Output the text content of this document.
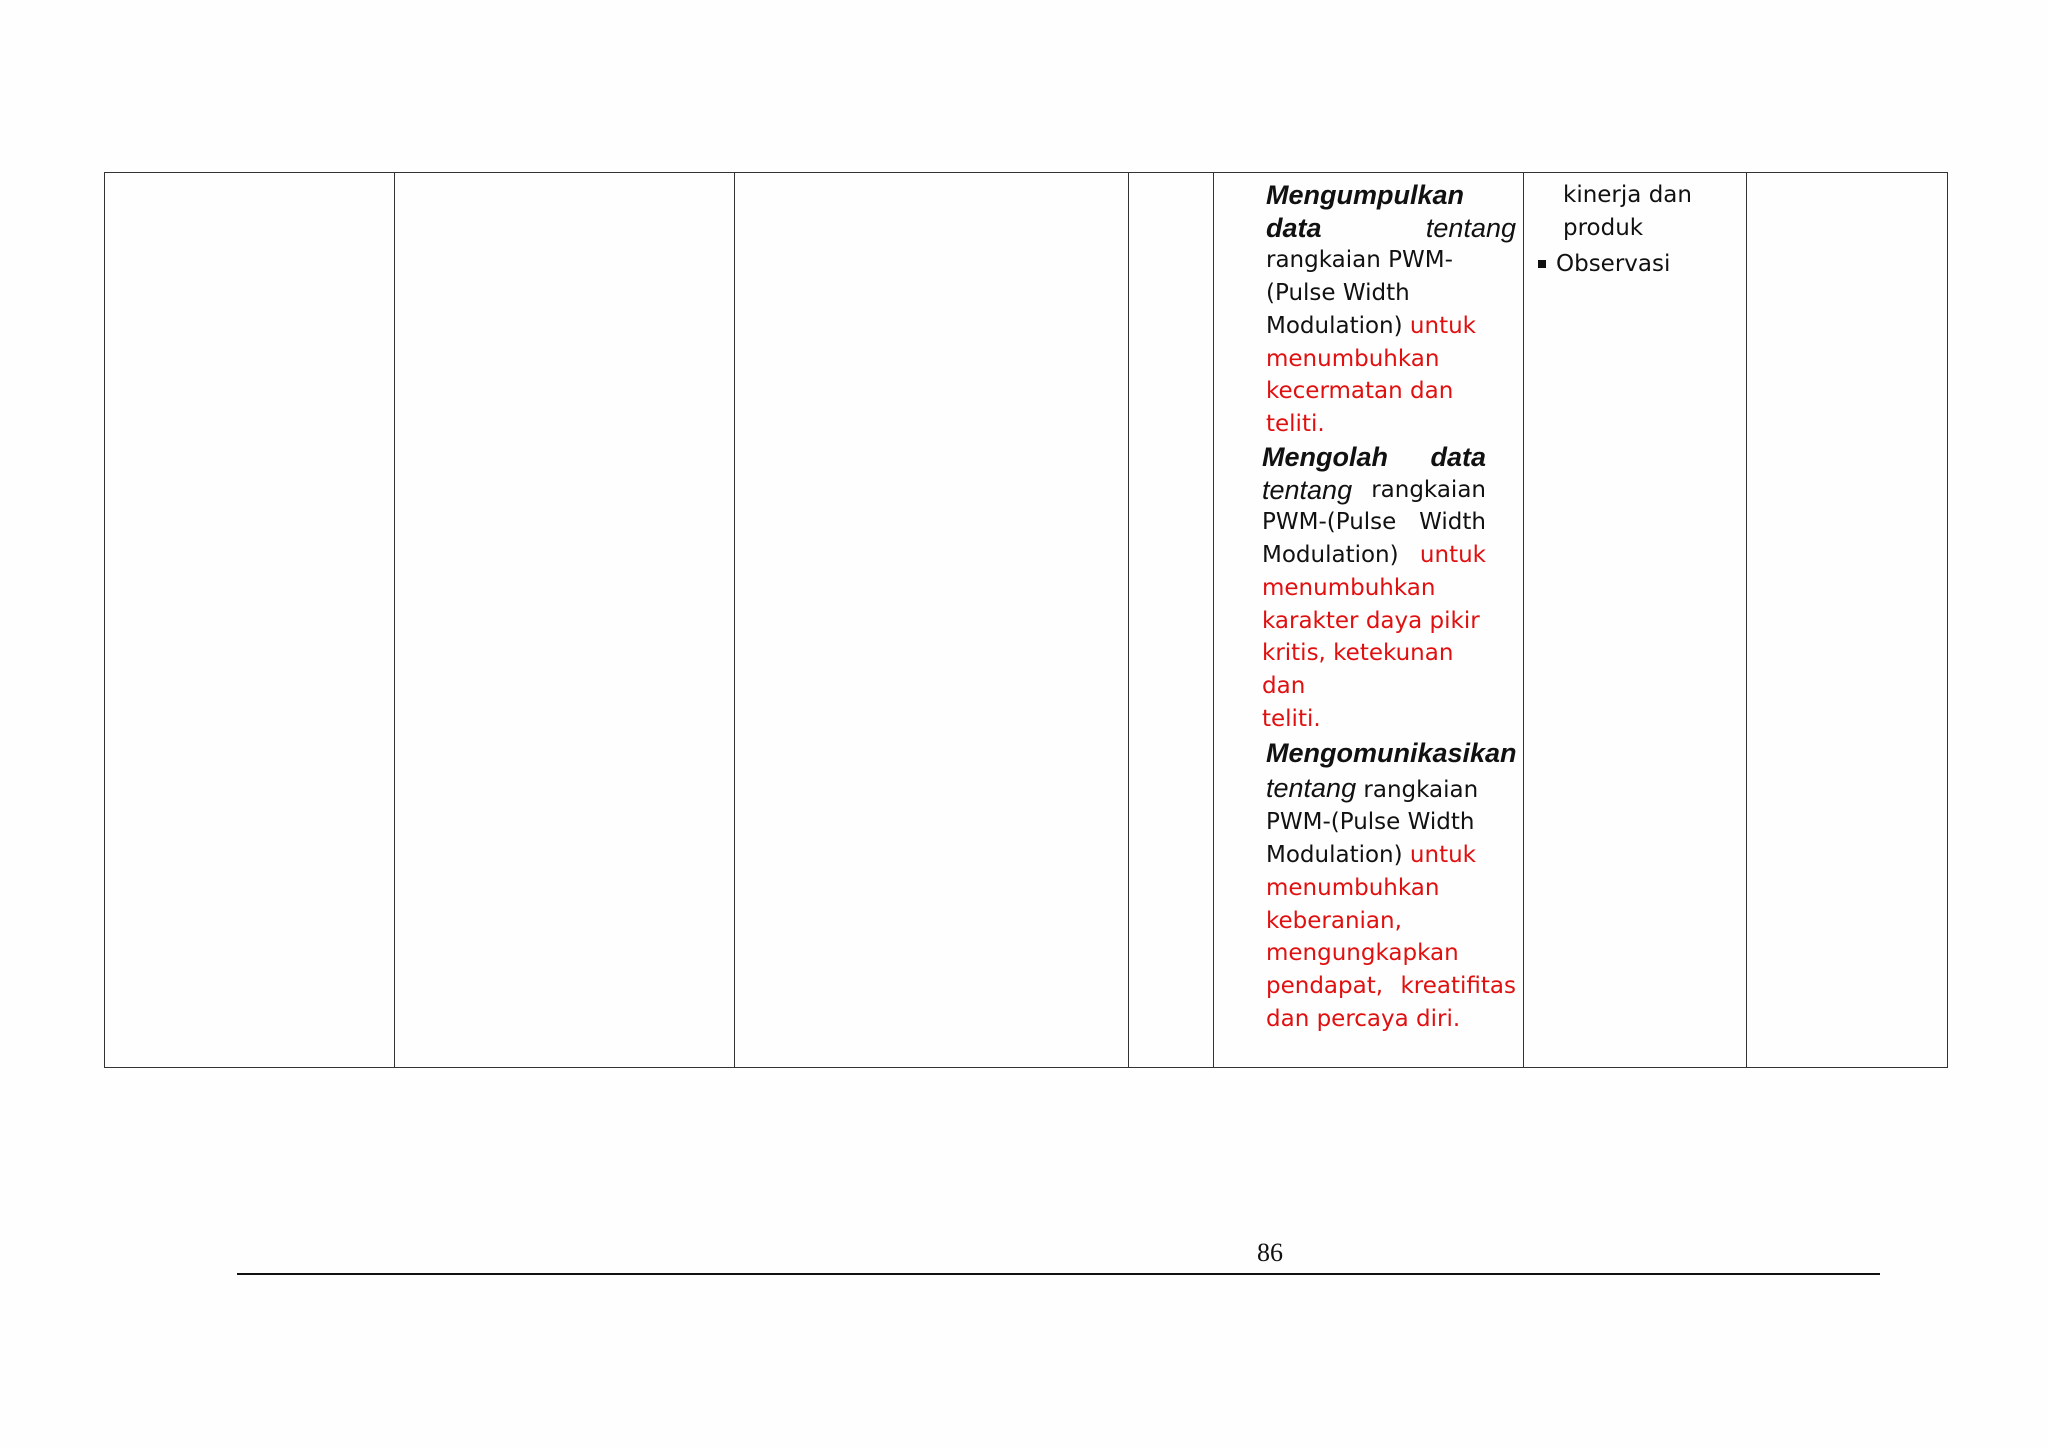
Mengumpulkan
data	tentang
rangkaian PWM-
(Pulse Width
Modulation) untuk
menumbuhkan
kecermatan dan teliti.
Mengolah data
tentang rangkaian
PWM-(Pulse Width
Modulation) untuk
menumbuhkan
karakter daya pikir
kritis, ketekunan dan
teliti.
Mengomunikasikan
tentang rangkaian
PWM-(Pulse Width
Modulation) untuk
menumbuhkan
keberanian,
mengungkapkan
pendapat, kreatifitas
dan percaya diri.

kinerja dan
produk
Observasi

86
